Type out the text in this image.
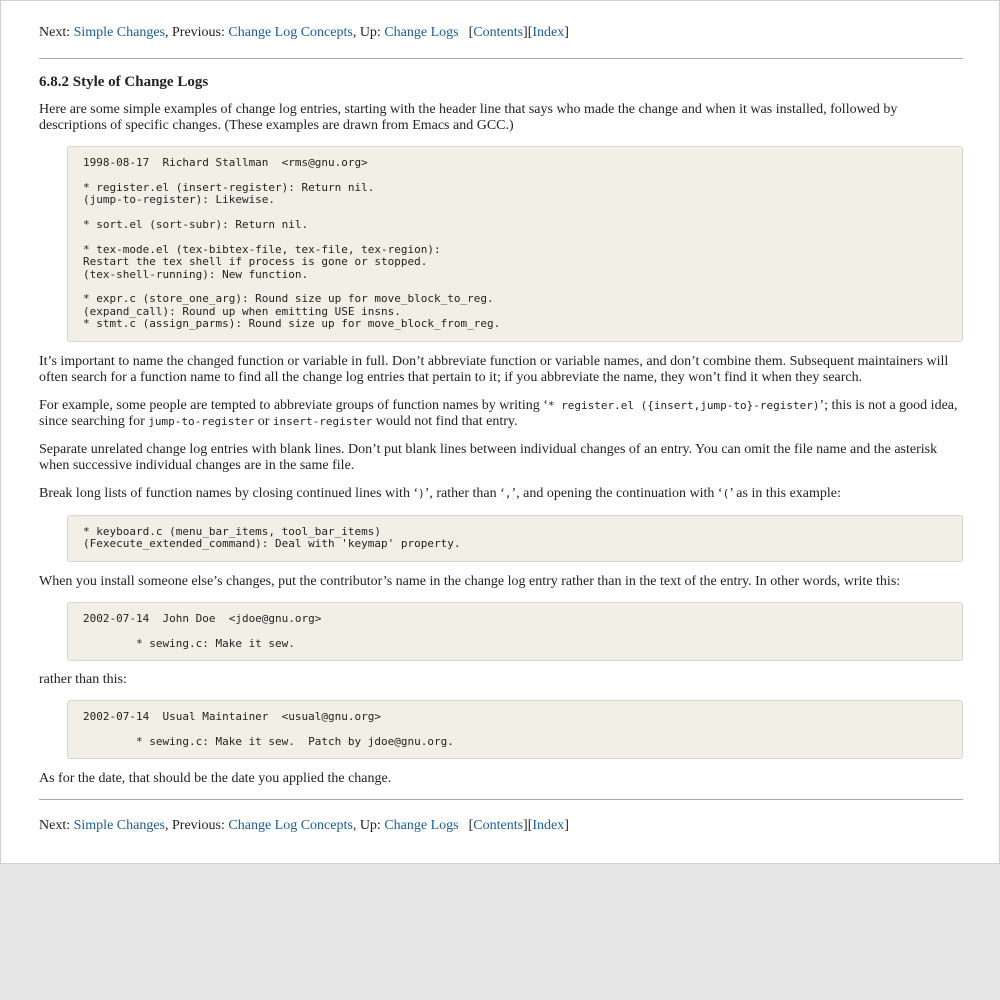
Next: Simple Changes, Previous: Change Log Concepts, Up: Change Logs [Contents][Index]
6.8.2 Style of Change Logs

Here are some simple examples of change log entries, starting with the header line that says who made the change and when it was installed, followed by descriptions of specific changes. (These examples are drawn from Emacs and GCC.)

1998-08-17  Richard Stallman  <rms@gnu.org>

* register.el (insert-register): Return nil.
(jump-to-register): Likewise.

* sort.el (sort-subr): Return nil.

* tex-mode.el (tex-bibtex-file, tex-file, tex-region):
Restart the tex shell if process is gone or stopped.
(tex-shell-running): New function.

* expr.c (store_one_arg): Round size up for move_block_to_reg.
(expand_call): Round up when emitting USE insns.
* stmt.c (assign_parms): Round size up for move_block_from_reg.

It’s important to name the changed function or variable in full. Don’t abbreviate function or variable names, and don’t combine them. Subsequent maintainers will often search for a function name to find all the change log entries that pertain to it; if you abbreviate the name, they won’t find it when they search.

For example, some people are tempted to abbreviate groups of function names by writing ‘* register.el ({insert,jump-to}-register)’; this is not a good idea, since searching for jump-to-register or insert-register would not find that entry.

Separate unrelated change log entries with blank lines. Don’t put blank lines between individual changes of an entry. You can omit the file name and the asterisk when successive individual changes are in the same file.

Break long lists of function names by closing continued lines with ‘)’, rather than ‘,’, and opening the continuation with ‘(’ as in this example:

* keyboard.c (menu_bar_items, tool_bar_items)
(Fexecute_extended_command): Deal with 'keymap' property.

When you install someone else’s changes, put the contributor’s name in the change log entry rather than in the text of the entry. In other words, write this:

2002-07-14  John Doe  <jdoe@gnu.org>

* sewing.c: Make it sew.

rather than this:

2002-07-14  Usual Maintainer  <usual@gnu.org>

* sewing.c: Make it sew.  Patch by jdoe@gnu.org.

As for the date, that should be the date you applied the change.

Next: Simple Changes, Previous: Change Log Concepts, Up: Change Logs [Contents][Index]
